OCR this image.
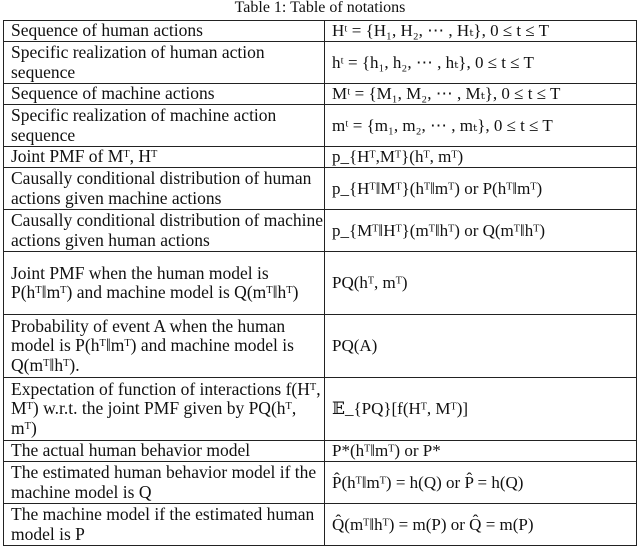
Table 1: Table of notations
Sequence of human actions	Hᵗ = {H₁, H₂, ⋯ , Hₜ}, 0 ≤ t ≤ T
Specific realization of human action sequence	hᵗ = {h₁, h₂, ⋯ , hₜ}, 0 ≤ t ≤ T
Sequence of machine actions	Mᵗ = {M₁, M₂, ⋯ , Mₜ}, 0 ≤ t ≤ T
Specific realization of machine action sequence	mᵗ = {m₁, m₂, ⋯ , mₜ}, 0 ≤ t ≤ T
Joint PMF of Mᵀ, Hᵀ	p_{Hᵀ,Mᵀ}(hᵀ, mᵀ)
Causally conditional distribution of human actions given machine actions	p_{Hᵀ‖Mᵀ}(hᵀ‖mᵀ) or P(hᵀ‖mᵀ)
Causally conditional distribution of machine actions given human actions	p_{Mᵀ‖Hᵀ}(mᵀ‖hᵀ) or Q(mᵀ‖hᵀ)
Joint PMF when the human model is P(hᵀ‖mᵀ) and machine model is Q(mᵀ‖hᵀ)	PQ(hᵀ, mᵀ)
Probability of event A when the human model is P(hᵀ‖mᵀ) and machine model is Q(mᵀ‖hᵀ).	PQ(A)
Expectation of function of interactions f(Hᵀ, Mᵀ) w.r.t. the joint PMF given by PQ(hᵀ, mᵀ)	𝔼_{PQ}[f(Hᵀ, Mᵀ)]
The actual human behavior model	P*(hᵀ‖mᵀ) or P*
The estimated human behavior model if the machine model is Q	P̂(hᵀ‖mᵀ) = h(Q) or P̂ = h(Q)
The machine model if the estimated human model is P	Q̂(mᵀ‖hᵀ) = m(P) or Q̂ = m(P)
